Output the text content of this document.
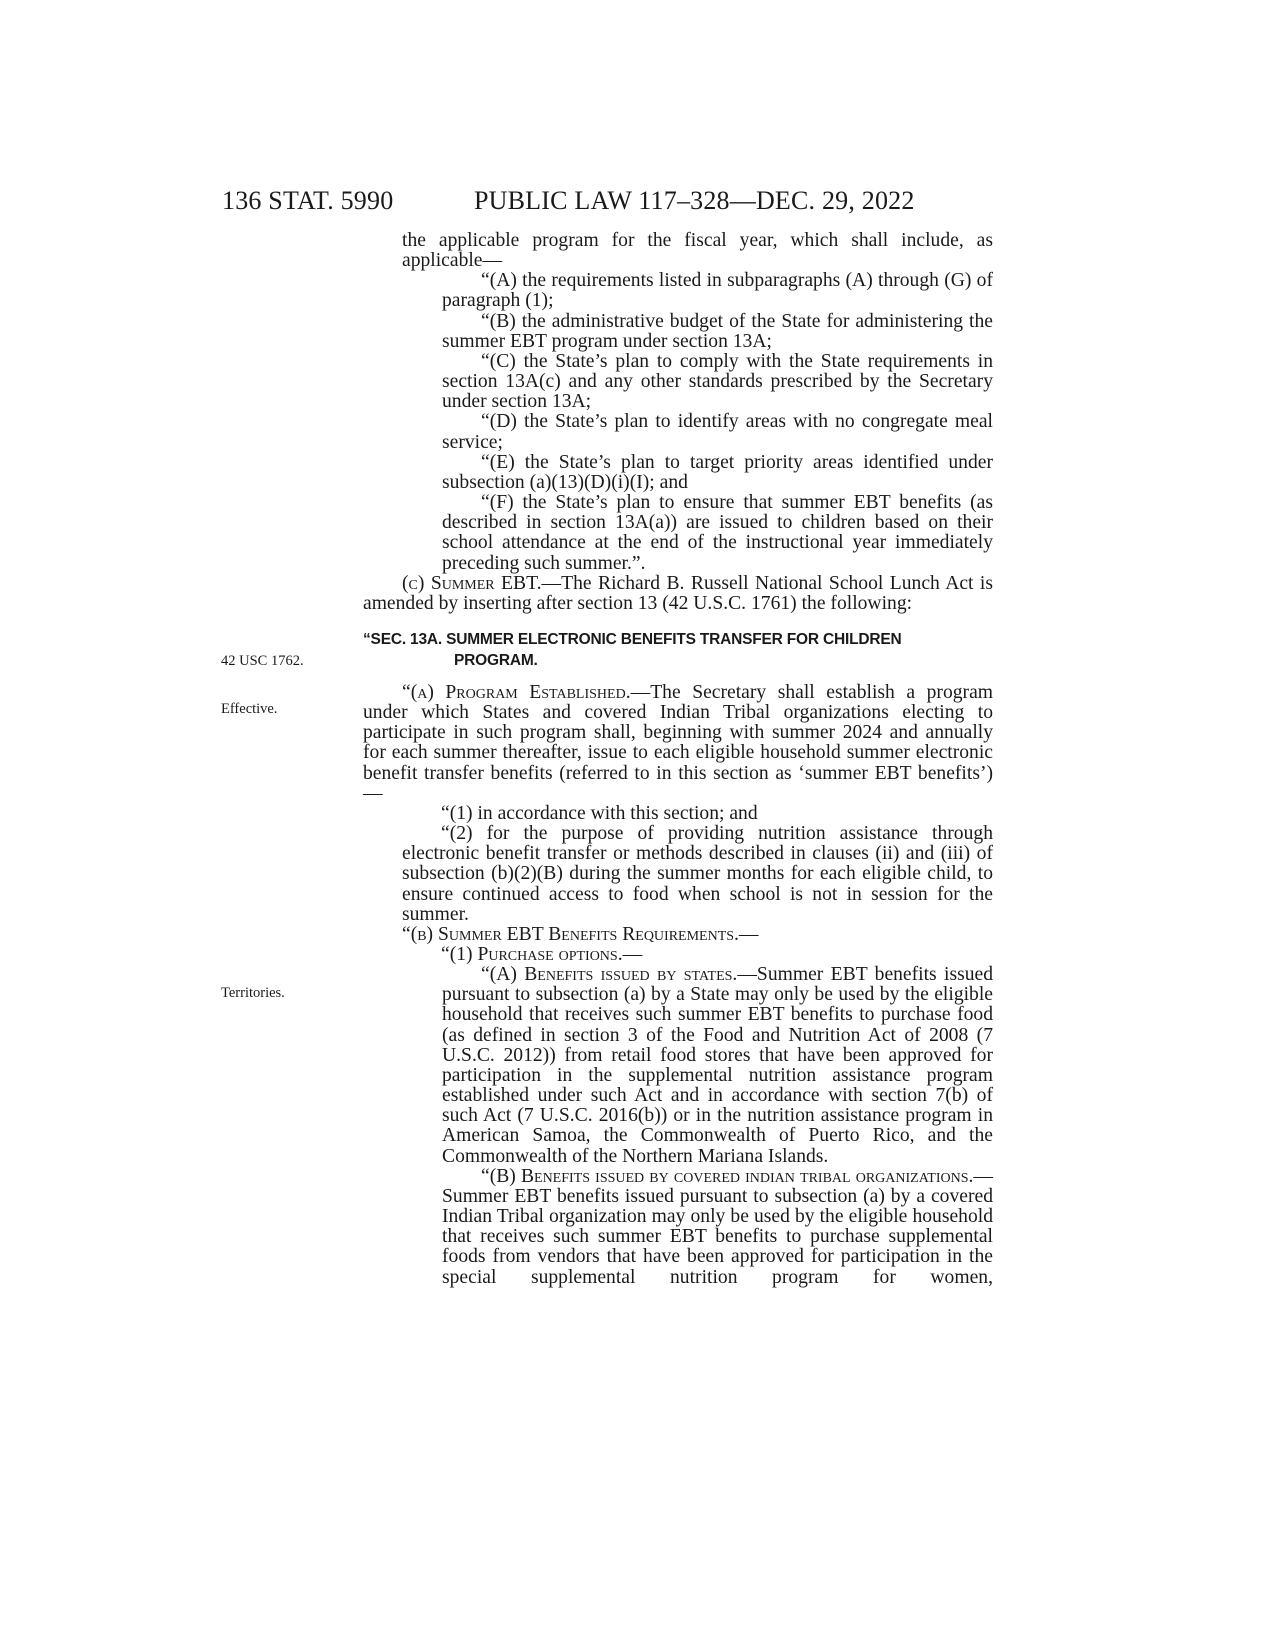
136 STAT. 5990	PUBLIC LAW 117–328—DEC. 29, 2022
42 USC 1762.
Effective.
Territories.

the applicable program for the fiscal year, which shall include, as applicable—

“(A) the requirements listed in subparagraphs (A) through (G) of paragraph (1);

“(B) the administrative budget of the State for administering the summer EBT program under section 13A;

“(C) the State’s plan to comply with the State requirements in section 13A(c) and any other standards prescribed by the Secretary under section 13A;

“(D) the State’s plan to identify areas with no congregate meal service;

“(E) the State’s plan to target priority areas identified under subsection (a)(13)(D)(i)(I); and

“(F) the State’s plan to ensure that summer EBT benefits (as described in section 13A(a)) are issued to children based on their school attendance at the end of the instructional year immediately preceding such summer.”.

(c) Summer EBT.—The Richard B. Russell National School Lunch Act is amended by inserting after section 13 (42 U.S.C. 1761) the following:

“SEC. 13A. SUMMER ELECTRONIC BENEFITS TRANSFER FOR CHILDREN
PROGRAM.

“(a) Program Established.—The Secretary shall establish a program under which States and covered Indian Tribal organizations electing to participate in such program shall, beginning with summer 2024 and annually for each summer thereafter, issue to each eligible household summer electronic benefit transfer benefits (referred to in this section as ‘summer EBT benefits’)—

“(1) in accordance with this section; and

“(2) for the purpose of providing nutrition assistance through electronic benefit transfer or methods described in clauses (ii) and (iii) of subsection (b)(2)(B) during the summer months for each eligible child, to ensure continued access to food when school is not in session for the summer.

“(b) Summer EBT Benefits Requirements.—

“(1) Purchase options.—

“(A) Benefits issued by states.—Summer EBT benefits issued pursuant to subsection (a) by a State may only be used by the eligible household that receives such summer EBT benefits to purchase food (as defined in section 3 of the Food and Nutrition Act of 2008 (7 U.S.C. 2012)) from retail food stores that have been approved for participation in the supplemental nutrition assistance program established under such Act and in accordance with section 7(b) of such Act (7 U.S.C. 2016(b)) or in the nutrition assistance program in American Samoa, the Commonwealth of Puerto Rico, and the Commonwealth of the Northern Mariana Islands.

“(B) Benefits issued by covered indian tribal organizations.—Summer EBT benefits issued pursuant to subsection (a) by a covered Indian Tribal organization may only be used by the eligible household that receives such summer EBT benefits to purchase supplemental foods from vendors that have been approved for participation in the special supplemental nutrition program for women,
